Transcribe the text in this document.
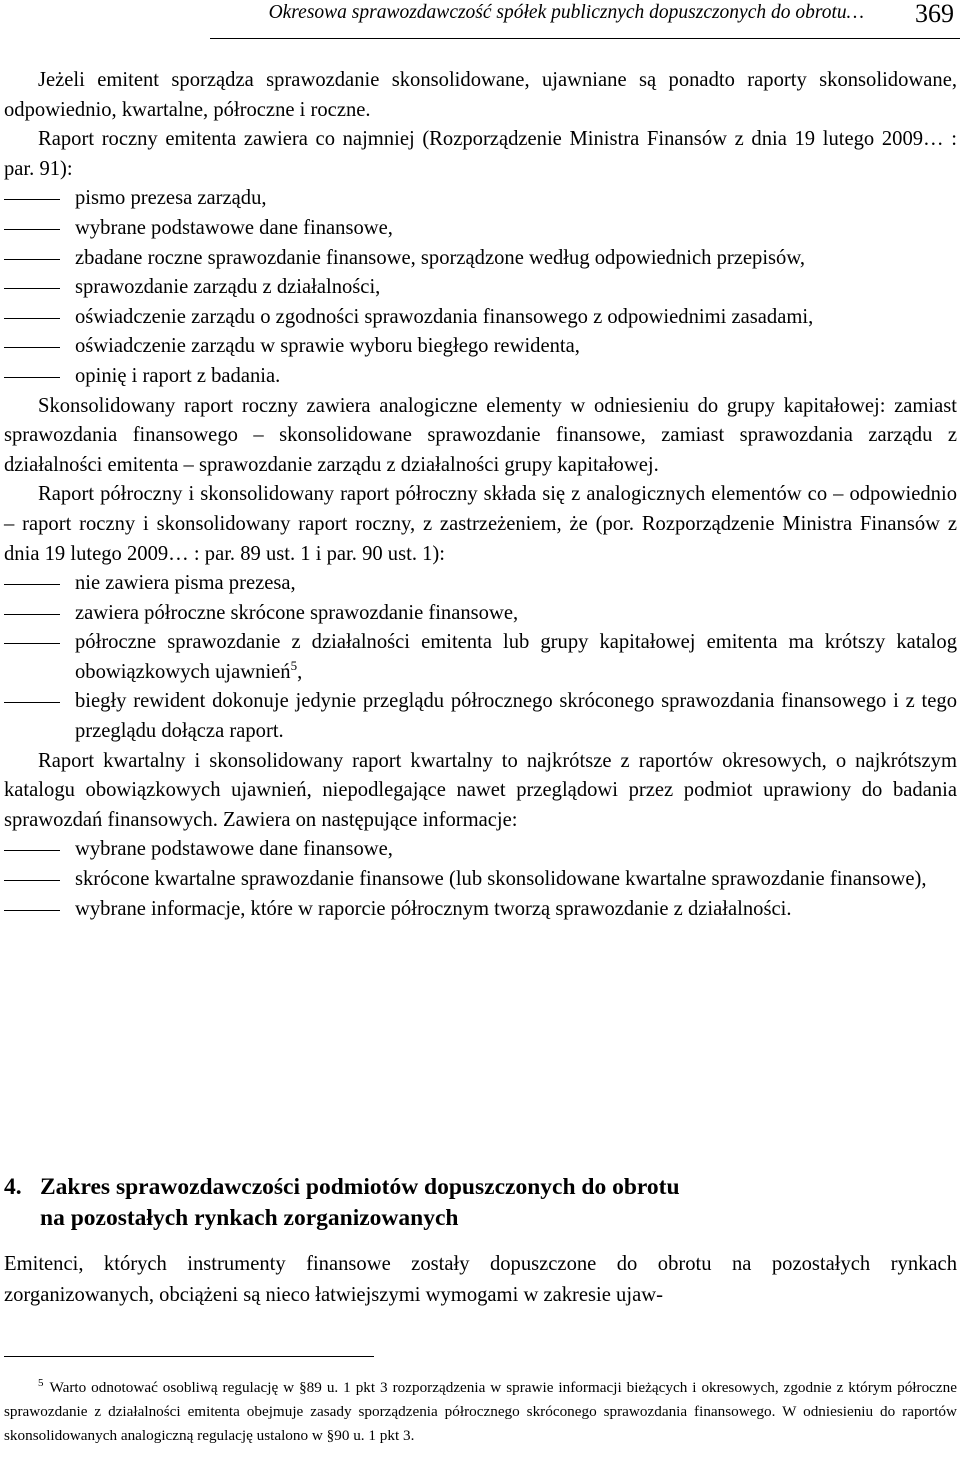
Okresowa sprawozdawczość spółek publicznych dopuszczonych do obrotu… 369

Jeżeli emitent sporządza sprawozdanie skonsolidowane, ujawniane są ponadto raporty skonsolidowane, odpowiednio, kwartalne, półroczne i roczne.

Raport roczny emitenta zawiera co najmniej (Rozporządzenie Ministra Finansów z dnia 19 lutego 2009… : par. 91):

pismo prezesa zarządu,
wybrane podstawowe dane finansowe,
zbadane roczne sprawozdanie finansowe, sporządzone według odpowiednich przepisów,
sprawozdanie zarządu z działalności,
oświadczenie zarządu o zgodności sprawozdania finansowego z odpowiednimi zasadami,
oświadczenie zarządu w sprawie wyboru biegłego rewidenta,
opinię i raport z badania.

Skonsolidowany raport roczny zawiera analogiczne elementy w odniesieniu do grupy kapitałowej: zamiast sprawozdania finansowego – skonsolidowane sprawozdanie finansowe, zamiast sprawozdania zarządu z działalności emitenta – sprawozdanie zarządu z działalności grupy kapitałowej.

Raport półroczny i skonsolidowany raport półroczny składa się z analogicznych elementów co – odpowiednio – raport roczny i skonsolidowany raport roczny, z zastrzeżeniem, że (por. Rozporządzenie Ministra Finansów z dnia 19 lutego 2009… : par. 89 ust. 1 i par. 90 ust. 1):

nie zawiera pisma prezesa,
zawiera półroczne skrócone sprawozdanie finansowe,
półroczne sprawozdanie z działalności emitenta lub grupy kapitałowej emitenta ma krótszy katalog obowiązkowych ujawnień$^5$,
biegły rewident dokonuje jedynie przeglądu półrocznego skróconego sprawozdania finansowego i z tego przeglądu dołącza raport.

Raport kwartalny i skonsolidowany raport kwartalny to najkrótsze z raportów okresowych, o najkrótszym katalogu obowiązkowych ujawnień, niepodlegające nawet przeglądowi przez podmiot uprawiony do badania sprawozdań finansowych. Zawiera on następujące informacje:

wybrane podstawowe dane finansowe,
skrócone kwartalne sprawozdanie finansowe (lub skonsolidowane kwartalne sprawozdanie finansowe),
wybrane informacje, które w raporcie półrocznym tworzą sprawozdanie z działalności.
4. Zakres sprawozdawczości podmiotów dopuszczonych do obrotu
na pozostałych rynkach zorganizowanych

Emitenci, których instrumenty finansowe zostały dopuszczone do obrotu na pozostałych rynkach zorganizowanych, obciążeni są nieco łatwiejszymi wymogami w zakresie ujaw-

$^5$ Warto odnotować osobliwą regulację w §89 u. 1 pkt 3 rozporządzenia w sprawie informacji bieżących i okresowych, zgodnie z którym półroczne sprawozdanie z działalności emitenta obejmuje zasady sporządzenia półrocznego skróconego sprawozdania finansowego. W odniesieniu do raportów skonsolidowanych analogiczną regulację ustalono w §90 u. 1 pkt 3.
